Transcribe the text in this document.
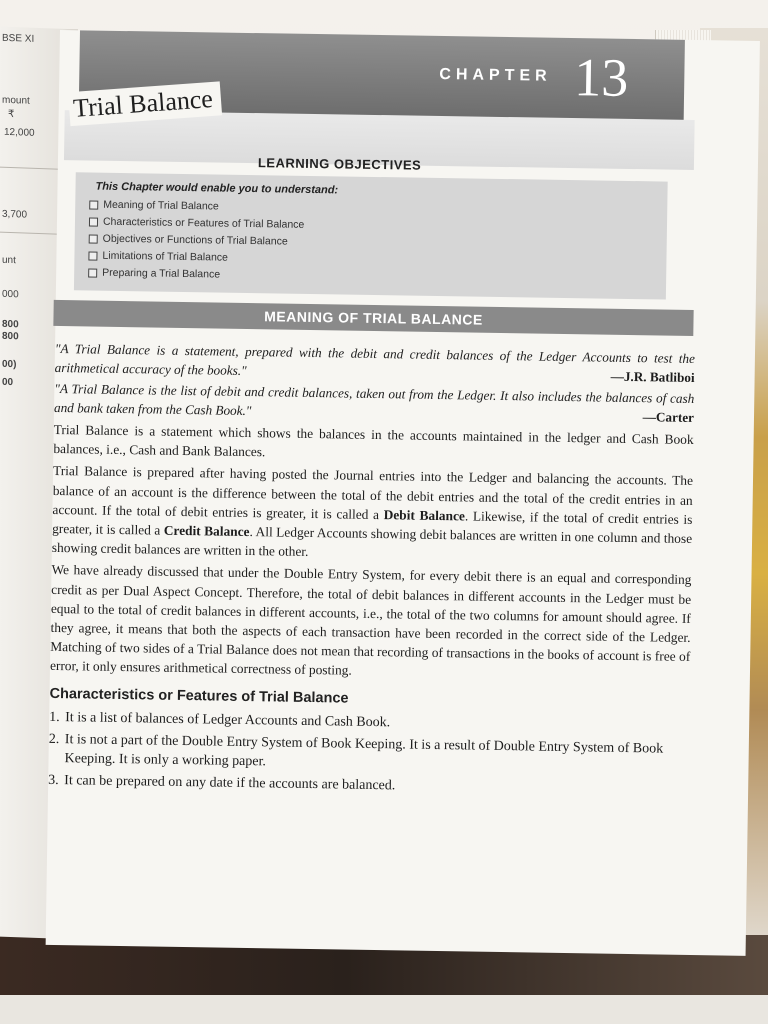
BSE XI
mount
₹
12,000
3,700
unt
000
800
800
00)
00
CHAPTER 13
Trial Balance
LEARNING OBJECTIVES
This Chapter would enable you to understand:
Meaning of Trial Balance
Characteristics or Features of Trial Balance
Objectives or Functions of Trial Balance
Limitations of Trial Balance
Preparing a Trial Balance
MEANING OF TRIAL BALANCE

"A Trial Balance is a statement, prepared with the debit and credit balances of the Ledger Accounts to test the arithmetical accuracy of the books."	—J.R. Batliboi

"A Trial Balance is the list of debit and credit balances, taken out from the Ledger. It also includes the balances of cash and bank taken from the Cash Book."	—Carter

Trial Balance is a statement which shows the balances in the accounts maintained in the ledger and Cash Book balances, i.e., Cash and Bank Balances.

Trial Balance is prepared after having posted the Journal entries into the Ledger and balancing the accounts. The balance of an account is the difference between the total of the debit entries and the total of the credit entries in an account. If the total of debit entries is greater, it is called a Debit Balance. Likewise, if the total of credit entries is greater, it is called a Credit Balance. All Ledger Accounts showing debit balances are written in one column and those showing credit balances are written in the other.

We have already discussed that under the Double Entry System, for every debit there is an equal and corresponding credit as per Dual Aspect Concept. Therefore, the total of debit balances in different accounts in the Ledger must be equal to the total of credit balances in different accounts, i.e., the total of the two columns for amount should agree. If they agree, it means that both the aspects of each transaction have been recorded in the correct side of the Ledger. Matching of two sides of a Trial Balance does not mean that recording of transactions in the books of account is free of error, it only ensures arithmetical correctness of posting.

Characteristics or Features of Trial Balance
1. It is a list of balances of Ledger Accounts and Cash Book.
2. It is not a part of the Double Entry System of Book Keeping. It is a result of Double Entry System of Book Keeping. It is only a working paper.
3. It can be prepared on any date if the accounts are balanced.
